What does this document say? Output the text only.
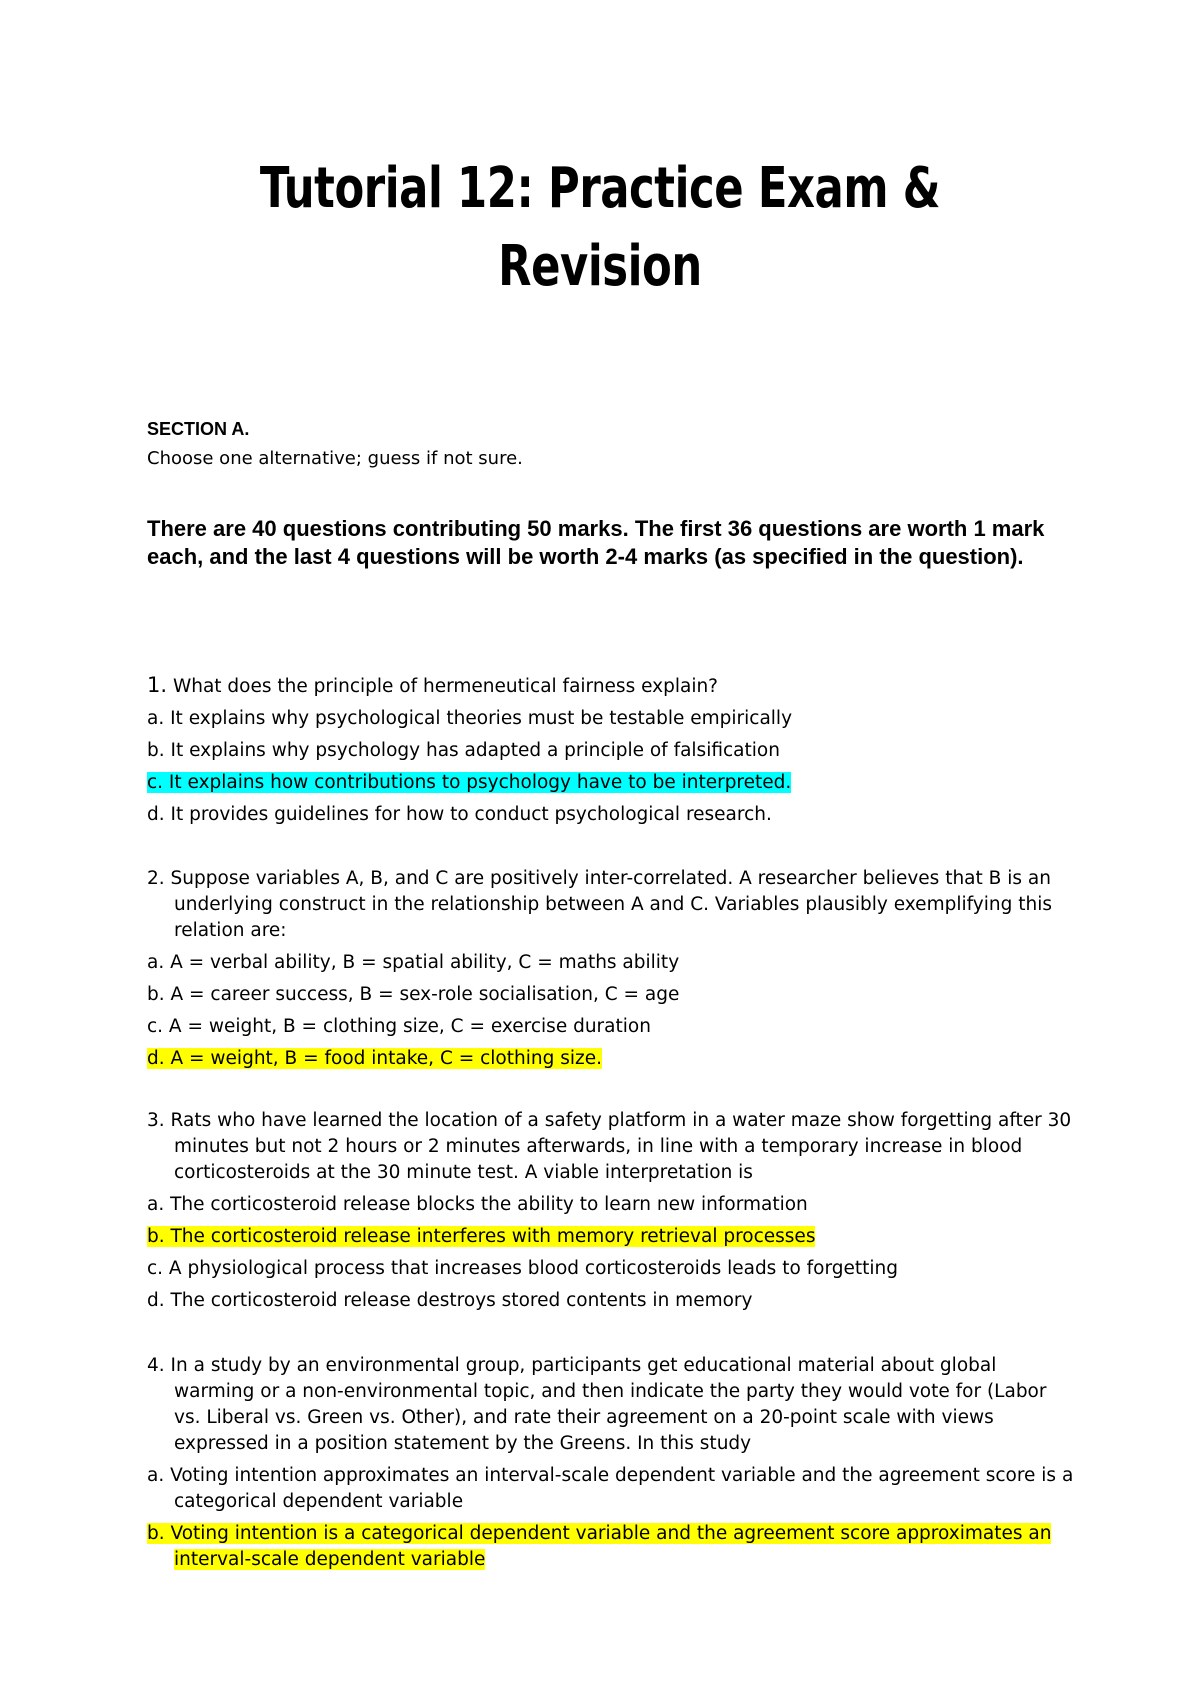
Tutorial 12: Practice Exam &
Revision
SECTION A.
Choose one alternative; guess if not sure.
There are 40 questions contributing 50 marks. The first 36 questions are worth 1 mark each, and the last 4 questions will be worth 2-4 marks (as specified in the question).
1. What does the principle of hermeneutical fairness explain?
a. It explains why psychological theories must be testable empirically
b. It explains why psychology has adapted a principle of falsification
c. It explains how contributions to psychology have to be interpreted.
d. It provides guidelines for how to conduct psychological research.
2. Suppose variables A, B, and C are positively inter-correlated. A researcher believes that B is an underlying construct in the relationship between A and C. Variables plausibly exemplifying this relation are:
a. A = verbal ability, B = spatial ability, C = maths ability
b. A = career success, B = sex-role socialisation, C = age
c. A = weight, B = clothing size, C = exercise duration
d. A = weight, B = food intake, C = clothing size.
3. Rats who have learned the location of a safety platform in a water maze show forgetting after 30 minutes but not 2 hours or 2 minutes afterwards, in line with a temporary increase in blood corticosteroids at the 30 minute test. A viable interpretation is
a. The corticosteroid release blocks the ability to learn new information
b. The corticosteroid release interferes with memory retrieval processes
c. A physiological process that increases blood corticosteroids leads to forgetting
d. The corticosteroid release destroys stored contents in memory
4. In a study by an environmental group, participants get educational material about global warming or a non-environmental topic, and then indicate the party they would vote for (Labor vs. Liberal vs. Green vs. Other), and rate their agreement on a 20-point scale with views expressed in a position statement by the Greens. In this study
a. Voting intention approximates an interval-scale dependent variable and the agreement score is a categorical dependent variable
b. Voting intention is a categorical dependent variable and the agreement score approximates an interval-scale dependent variable
